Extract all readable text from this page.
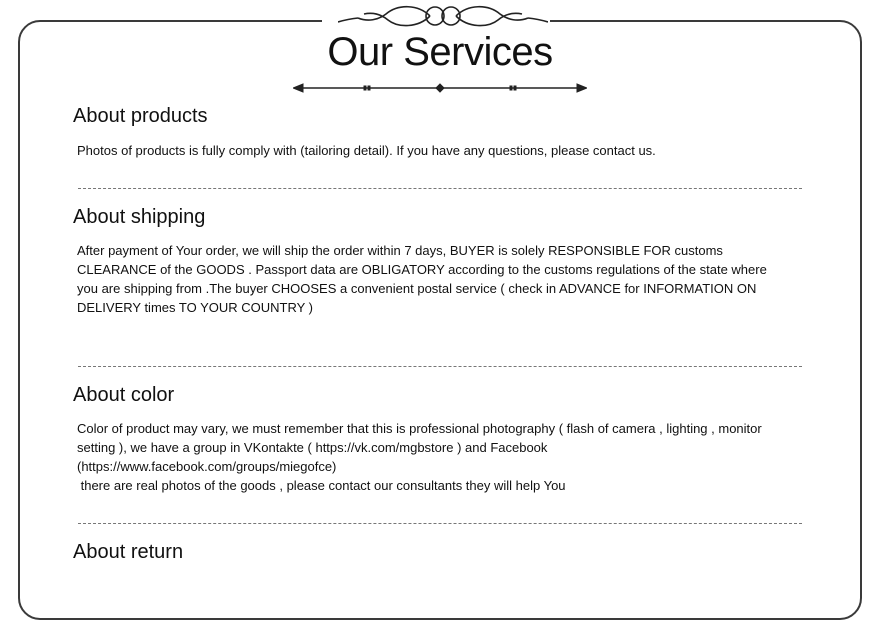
Our Services
About products
Photos of products is fully comply with (tailoring detail). If you have any questions, please contact us.
About shipping
After payment of Your order, we will ship the order within 7 days, BUYER is solely RESPONSIBLE FOR customs
CLEARANCE of the GOODS . Passport data are OBLIGATORY according to the customs regulations of the state where
you are shipping from .The buyer CHOOSES a convenient postal service ( check in ADVANCE for INFORMATION ON
DELIVERY times TO YOUR COUNTRY )
About color
Color of product may vary, we must remember that this is professional photography ( flash of camera , lighting , monitor
setting ), we have a group in VKontakte ( https://vk.com/mgbstore ) and Facebook
(https://www.facebook.com/groups/miegofce)
there are real photos of the goods , please contact our consultants they will help You
About return
